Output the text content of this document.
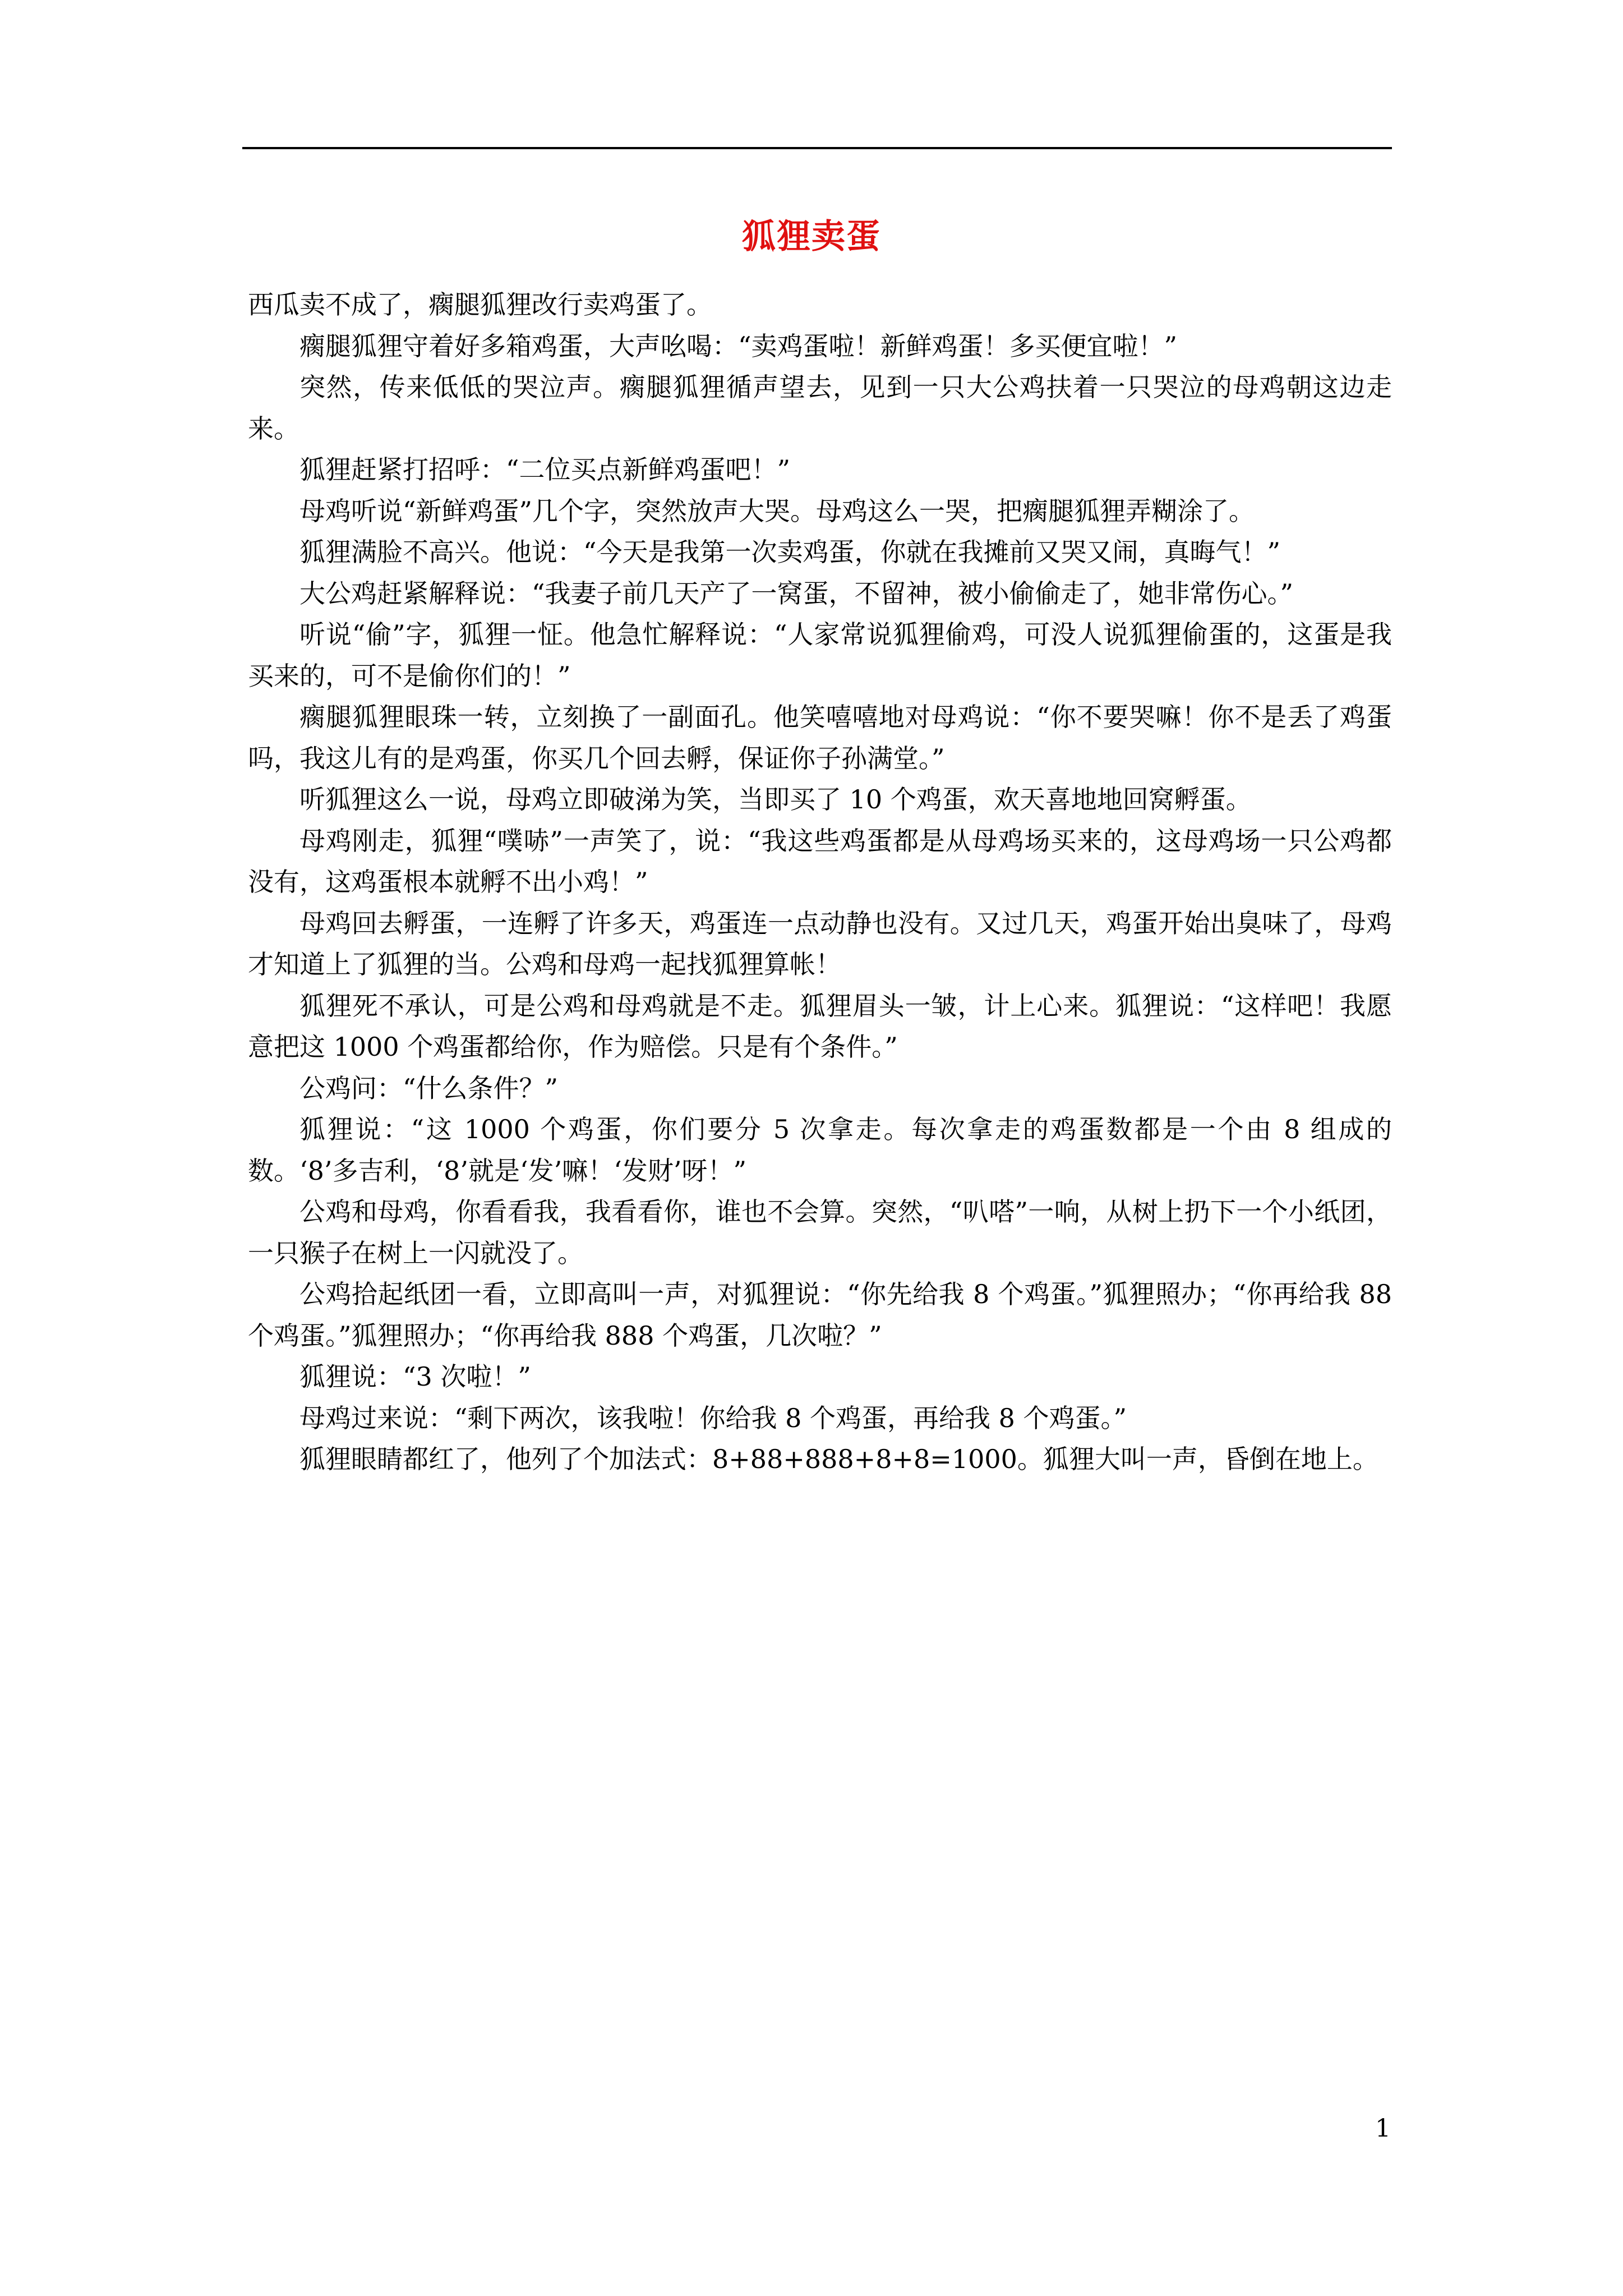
狐狸卖蛋

西瓜卖不成了，瘸腿狐狸改行卖鸡蛋了。

瘸腿狐狸守着好多箱鸡蛋，大声吆喝：“卖鸡蛋啦！新鲜鸡蛋！多买便宜啦！”

突然，传来低低的哭泣声。瘸腿狐狸循声望去，见到一只大公鸡扶着一只哭泣的母鸡朝这边走来。

狐狸赶紧打招呼：“二位买点新鲜鸡蛋吧！”

母鸡听说“新鲜鸡蛋”几个字，突然放声大哭。母鸡这么一哭，把瘸腿狐狸弄糊涂了。

狐狸满脸不高兴。他说：“今天是我第一次卖鸡蛋，你就在我摊前又哭又闹，真晦气！”

大公鸡赶紧解释说：“我妻子前几天产了一窝蛋，不留神，被小偷偷走了，她非常伤心。”

听说“偷”字，狐狸一怔。他急忙解释说：“人家常说狐狸偷鸡，可没人说狐狸偷蛋的，这蛋是我买来的，可不是偷你们的！”

瘸腿狐狸眼珠一转，立刻换了一副面孔。他笑嘻嘻地对母鸡说：“你不要哭嘛！你不是丢了鸡蛋吗，我这儿有的是鸡蛋，你买几个回去孵，保证你子孙满堂。”

听狐狸这么一说，母鸡立即破涕为笑，当即买了 10 个鸡蛋，欢天喜地地回窝孵蛋。

母鸡刚走，狐狸“噗哧”一声笑了，说：“我这些鸡蛋都是从母鸡场买来的，这母鸡场一只公鸡都没有，这鸡蛋根本就孵不出小鸡！”

母鸡回去孵蛋，一连孵了许多天，鸡蛋连一点动静也没有。又过几天，鸡蛋开始出臭味了，母鸡才知道上了狐狸的当。公鸡和母鸡一起找狐狸算帐！

狐狸死不承认，可是公鸡和母鸡就是不走。狐狸眉头一皱，计上心来。狐狸说：“这样吧！我愿意把这 1000 个鸡蛋都给你，作为赔偿。只是有个条件。”

公鸡问：“什么条件？”

狐狸说：“这 1000 个鸡蛋，你们要分 5 次拿走。每次拿走的鸡蛋数都是一个由 8 组成的数。‘8’多吉利，‘8’就是‘发’嘛！‘发财’呀！”

公鸡和母鸡，你看看我，我看看你，谁也不会算。突然，“叭嗒”一响，从树上扔下一个小纸团，一只猴子在树上一闪就没了。

公鸡拾起纸团一看，立即高叫一声，对狐狸说：“你先给我 8 个鸡蛋。”狐狸照办；“你再给我 88 个鸡蛋。”狐狸照办；“你再给我 888 个鸡蛋，几次啦？”

狐狸说：“3 次啦！”

母鸡过来说：“剩下两次，该我啦！你给我 8 个鸡蛋，再给我 8 个鸡蛋。”

狐狸眼睛都红了，他列了个加法式：8+88+888+8+8=1000。狐狸大叫一声，昏倒在地上。

1
